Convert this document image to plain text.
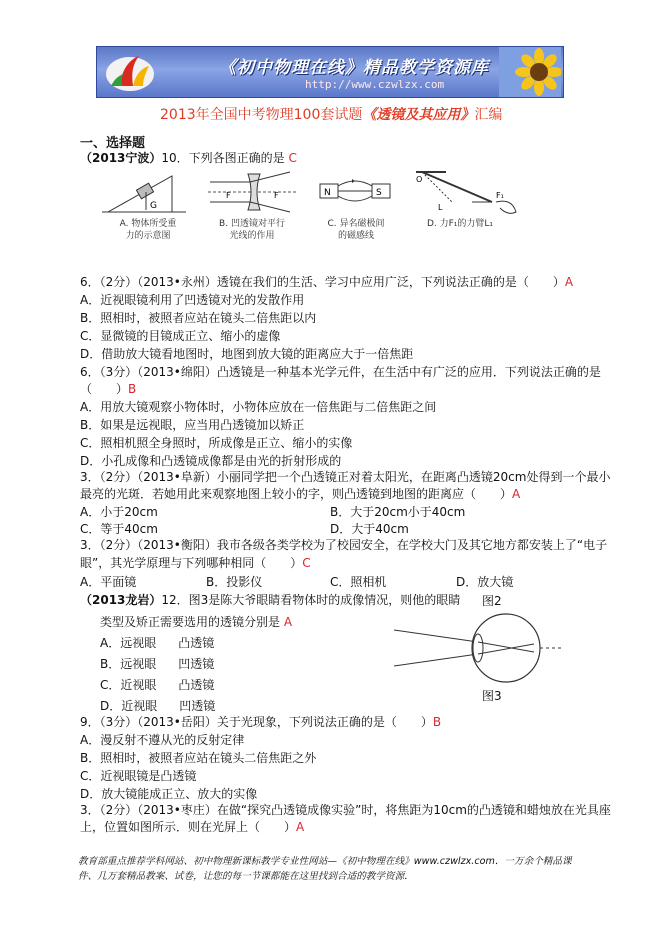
《初中物理在线》精品教学资源库
http://www.czwlzx.com
2013年全国中考物理100套试题《透镜及其应用》汇编
一、选择题
（2013宁波）10．下列各图正确的是 C
G
A. 物体所受重
力的示意图
F	F
B. 凹透镜对平行
光线的作用
N	S
C. 异名磁极间
的磁感线
O
F₁
L
D. 力F₁的力臂L₁
6．（2分）（2013•永州）透镜在我们的生活、学习中应用广泛，下列说法正确的是（　　）A
A．近视眼镜利用了凹透镜对光的发散作用
B．照相时，被照者应站在镜头二倍焦距以内
C．显微镜的目镜成正立、缩小的虚像
D．借助放大镜看地图时，地图到放大镜的距离应大于一倍焦距
6．（3分）（2013•绵阳）凸透镜是一种基本光学元件，在生活中有广泛的应用．下列说法正确的是
（　　）B
A．用放大镜观察小物体时，小物体应放在一倍焦距与二倍焦距之间
B．如果是远视眼，应当用凸透镜加以矫正
C．照相机照全身照时，所成像是正立、缩小的实像
D．小孔成像和凸透镜成像都是由光的折射形成的
3．（2分）（2013•阜新）小丽同学把一个凸透镜正对着太阳光，在距离凸透镜20cm处得到一个最小
最亮的光斑．若她用此来观察地图上较小的字，则凸透镜到地图的距离应（　　）A
A．小于20cm	B．大于20cm小于40cm
C．等于40cm	D．大于40cm
3．（2分）（2013•衡阳）我市各级各类学校为了校园安全，在学校大门及其它地方都安装上了“电子
眼”，其光学原理与下列哪种相同（　　）C
A．平面镜	B．投影仪	C．照相机	D．放大镜
（2013龙岩）12．图3是陈大爷眼睛看物体时的成像情况，则他的眼睛 图2
类型及矫正需要选用的透镜分别是 A
A．远视眼 凸透镜
B．远视眼 凹透镜
C．近视眼 凸透镜
D．近视眼 凹透镜
图3
9．（3分）（2013•岳阳）关于光现象，下列说法正确的是（　　）B
A．漫反射不遵从光的反射定律
B．照相时，被照者应站在镜头二倍焦距之外
C．近视眼镜是凸透镜
D．放大镜能成正立、放大的实像
3．（2分）（2013•枣庄）在做“探究凸透镜成像实验”时，将焦距为10cm的凸透镜和蜡烛放在光具座
上，位置如图所示．则在光屏上（　　）A
教育部重点推荐学科网站、初中物理新课标教学专业性网站—《初中物理在线》www.czwlzx.com．一万余个精品课
件、几万套精品教案、试卷，让您的每一节课都能在这里找到合适的教学资源．
